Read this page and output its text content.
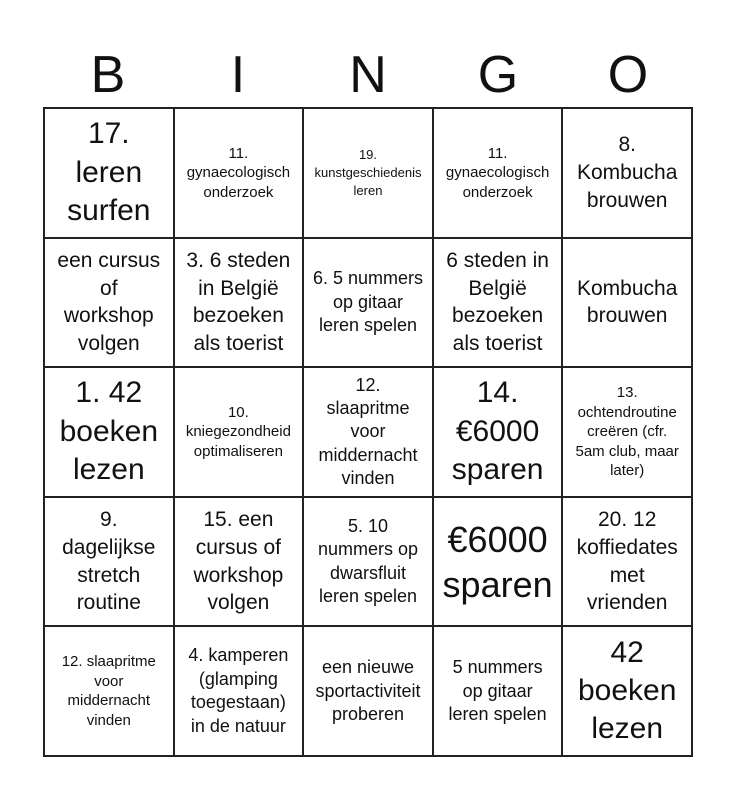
B	I	N	G	O
17. leren surfen
11. gynaecologisch onderzoek
19. kunstgeschiedenis leren
11. gynaecologisch onderzoek
8. Kombucha brouwen
een cursus of workshop volgen
3. 6 steden in België bezoeken als toerist
6. 5 nummers op gitaar leren spelen
6 steden in België bezoeken als toerist
Kombucha brouwen
1. 42 boeken lezen
10. kniegezondheid optimaliseren
12. slaapritme voor middernacht vinden
14. €6000 sparen
13. ochtendroutine creëren (cfr. 5am club, maar later)
9. dagelijkse stretch routine
15. een cursus of workshop volgen
5. 10 nummers op dwarsfluit leren spelen
€6000 sparen
20. 12 koffiedates met vrienden
12. slaapritme voor middernacht vinden
4. kamperen (glamping toegestaan) in de natuur
een nieuwe sportactiviteit proberen
5 nummers op gitaar leren spelen
42 boeken lezen
